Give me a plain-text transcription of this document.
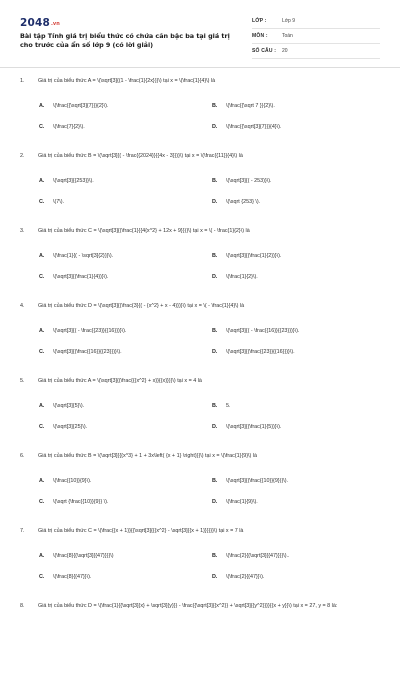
2048.vn
Bài tập Tính giá trị biểu thức có chứa căn bậc ba tại giá trị cho trước của ẩn số lớp 9 (có lời giải)
LỚP :	Lớp 9
MÔN :	Toán
SỐ CÂU : 20
1.	Giá trị của biểu thức A = \(\sqrt[3]{(1 - \frac{1}{2x})}\) tại x = \(\frac{1}{4}\) là
A. \(\frac{{\sqrt[3]{7}}}{2}\).	B. \(\frac{{\sqrt 7 }}{2}\).
C. \(\frac{7}{2}\).	D. \(\frac{{\sqrt[3]{7}}}{4}\).
2.	Giá trị của biểu thức B = \(\sqrt[3]{( - \frac{{2024}}{{4x - 3}})}\) tại x = \(\frac{{11}}{4}\) là
A. \(\sqrt[3]{{253}}\).	B. \(\sqrt[3]{( - 253)}\).
C. \(7\).	D. \(\sqrt {253} \).
3.	Giá trị của biểu thức C = \(\sqrt[3]{(\frac{1}{{4{x^2} + 12x + 9}})}\) tại x = \( - \frac{1}{2}\) là
A. \(\frac{1}{( - \sqrt[3]{2})}\).	B. \(\sqrt[3]{(\frac{1}{2})}\).
C. \(\sqrt[3]{(\frac{1}{4})}\).	D. \(\frac{1}{2}\).
4.	Giá trị của biểu thức D = \(\sqrt[3]{(\frac{3}{( - {x^2} + x - 4)})}\) tại x = \( - \frac{1}{4}\) là
A. \(\sqrt[3]{( - \frac{{23}}{{16}})}\).	B. \(\sqrt[3]{( - \frac{{16}}{{23}})}\).
C. \(\sqrt[3]{(\frac{{16}}{{23}})}\).	D. \(\sqrt[3]{(\frac{{23}}{{16}})}\).
5.	Giá trị của biểu thức A = \(\sqrt[3]{(\frac{{{x^2} + x}}{{x}})}\) tại x = 4 là
A. \(\sqrt[3]{5}\).	B. 5.
C. \(\sqrt[3]{25}\).	D. \(\sqrt[3]{(\frac{1}{5})}\).
6.	Giá trị của biểu thức B = \(\sqrt[3]{{{x^3} + 1 + 3x\left( {x + 1} \right)}}\) tại x = \(\frac{1}{9}\) là
A. \(\frac{{10}}{9}\).	B. \(\sqrt[3]{(\frac{{10}}{9})}\).
C. \(\sqrt {\frac{{10}}{9}} \).	D. \(\frac{1}{9}\).
7.	Giá trị của biểu thức C = \(\frac{{x + 1}}{{\sqrt[3]{{{x^2} - \sqrt[3]{{x + 1}}}}}}\) tại x = 7 là
A. \(\frac{8}{{\sqrt[3]{{47}}}}\)	B. \(\frac{2}{{\sqrt[3]{{47}}}}\)..
C. \(\frac{8}{{47}}\).	D. \(\frac{2}{{47}}\).
8.	Giá trị của biểu thức D = \(\frac{1}{{\sqrt[3]{x} + \sqrt[3]{y}}} - \frac{{\sqrt[3]{{x^2}} + \sqrt[3]{{y^2}}}}{{x + y}}\) tại x = 27, y = 8 là:
